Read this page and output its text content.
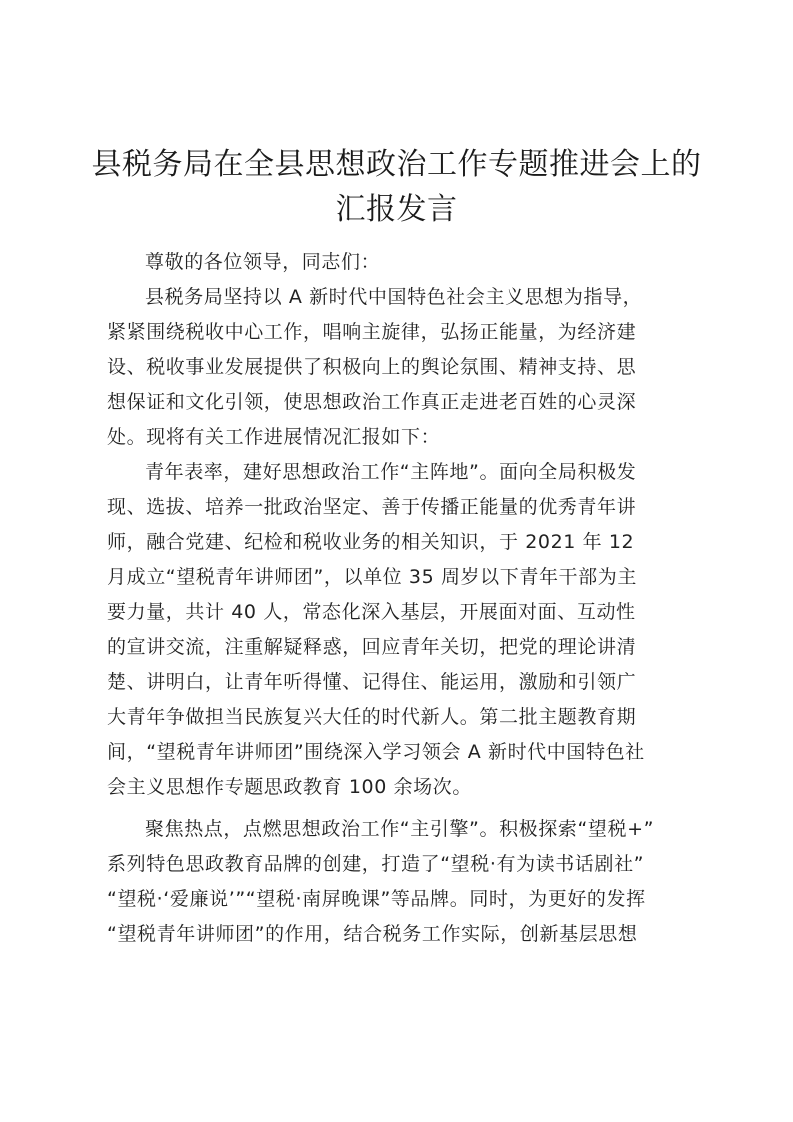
县税务局在全县思想政治工作专题推进会上的
汇报发言

尊敬的各位领导，同志们：

县税务局坚持以 A 新时代中国特色社会主义思想为指导，
紧紧围绕税收中心工作，唱响主旋律，弘扬正能量，为经济建
设、税收事业发展提供了积极向上的舆论氛围、精神支持、思
想保证和文化引领，使思想政治工作真正走进老百姓的心灵深
处。现将有关工作进展情况汇报如下：

青年表率，建好思想政治工作“主阵地”。面向全局积极发
现、选拔、培养一批政治坚定、善于传播正能量的优秀青年讲
师，融合党建、纪检和税收业务的相关知识，于 2021 年 12
月成立“望税青年讲师团”，以单位 35 周岁以下青年干部为主
要力量，共计 40 人，常态化深入基层，开展面对面、互动性
的宣讲交流，注重解疑释惑，回应青年关切，把党的理论讲清
楚、讲明白，让青年听得懂、记得住、能运用，激励和引领广
大青年争做担当民族复兴大任的时代新人。第二批主题教育期
间，“望税青年讲师团”围绕深入学习领会 A 新时代中国特色社
会主义思想作专题思政教育 100 余场次。

聚焦热点，点燃思想政治工作“主引擎”。积极探索“望税+”
系列特色思政教育品牌的创建，打造了“望税·有为读书话剧社”
“望税·‘爱廉说’”“望税·南屏晚课”等品牌。同时，为更好的发挥
“望税青年讲师团”的作用，结合税务工作实际，创新基层思想
